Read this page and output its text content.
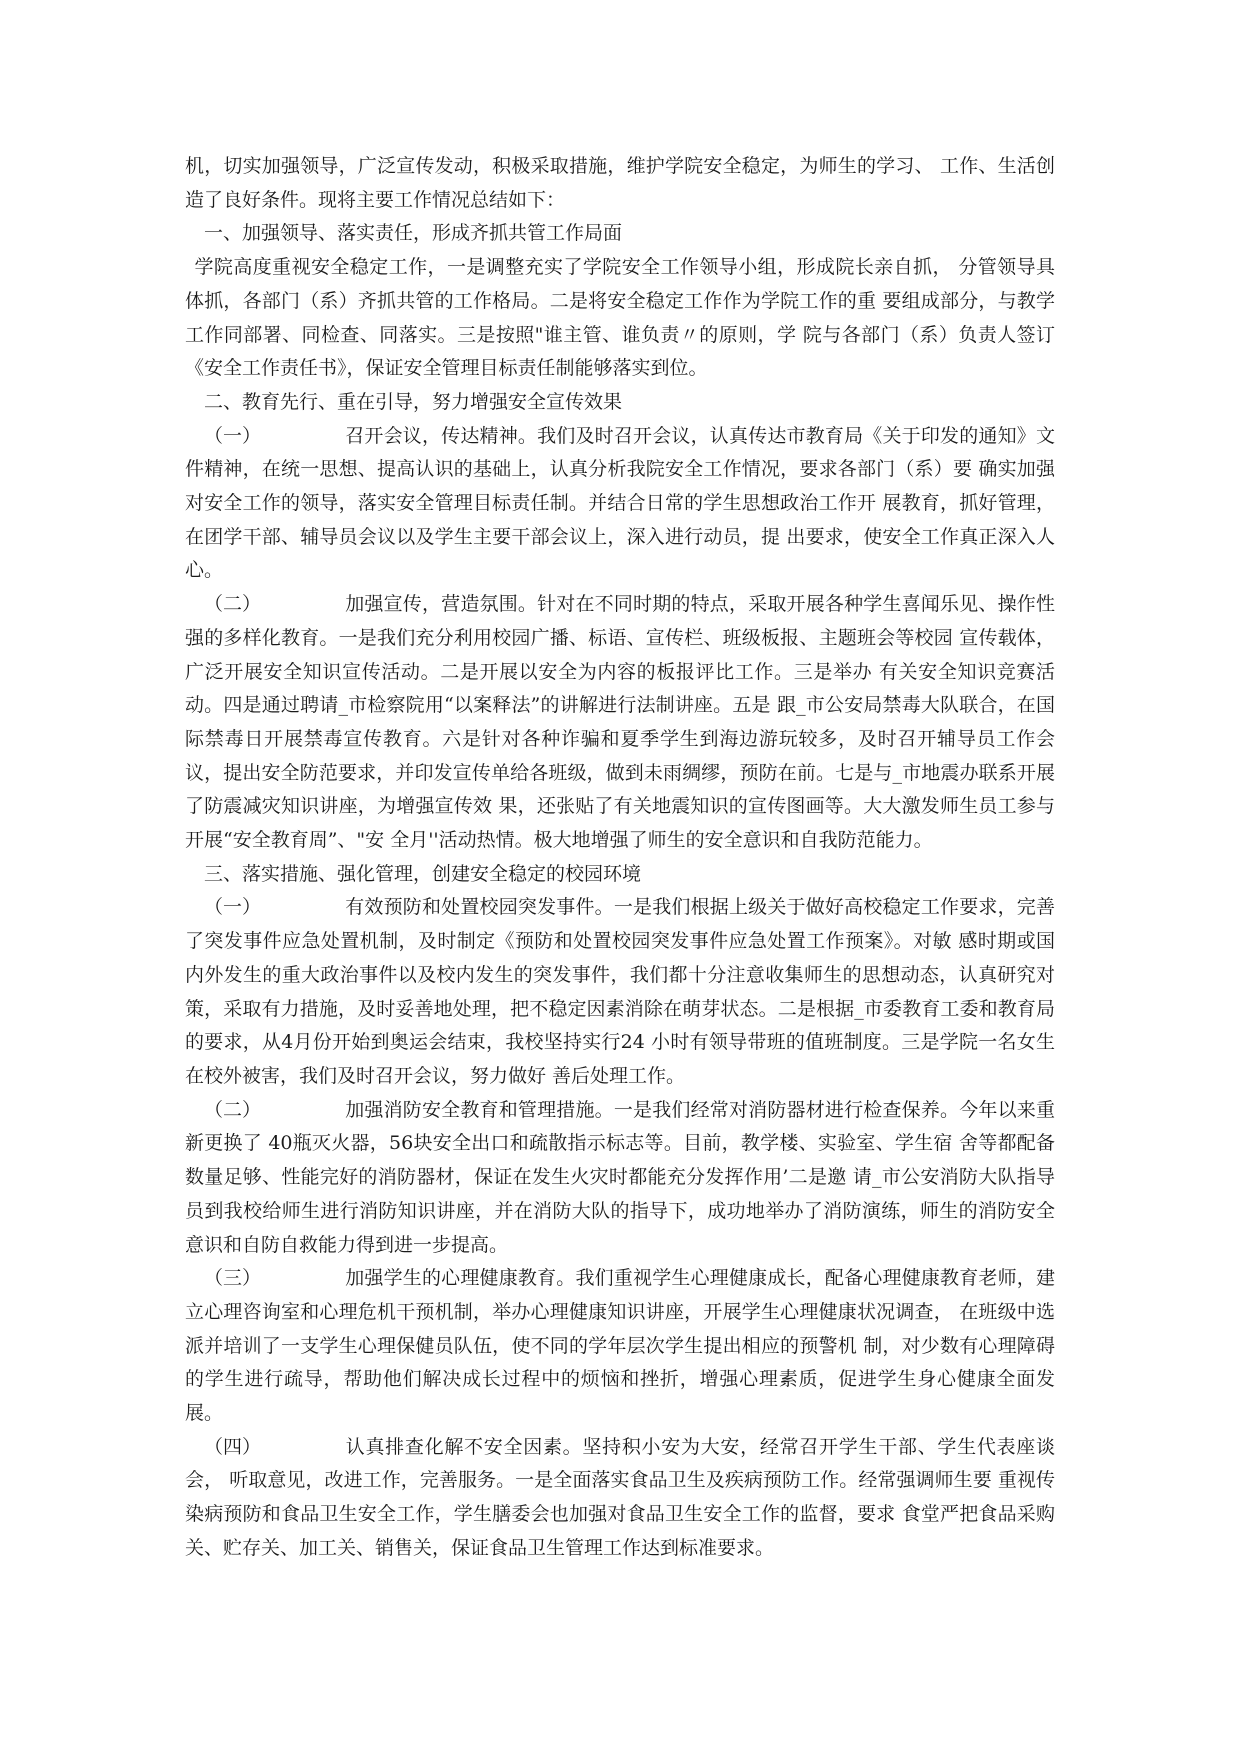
机，切实加强领导，广泛宣传发动，积极采取措施，维护学院安全稳定，为师生的学习、 工作、生活创造了良好条件。现将主要工作情况总结如下：

一、加强领导、落实责任，形成齐抓共管工作局面

学院高度重视安全稳定工作，一是调整充实了学院安全工作领导小组，形成院长亲自抓， 分管领导具体抓，各部门（系）齐抓共管的工作格局。二是将安全稳定工作作为学院工作的重 要组成部分，与教学工作同部署、同检查、同落实。三是按照"谁主管、谁负责〃的原则，学 院与各部门（系）负责人签订《安全工作责任书》，保证安全管理目标责任制能够落实到位。

二、教育先行、重在引导，努力增强安全宣传效果

（一）	召开会议，传达精神。我们及时召开会议，认真传达市教育局《关于印发的通知》文 件精神，在统一思想、提高认识的基础上，认真分析我院安全工作情况，要求各部门（系）要 确实加强对安全工作的领导，落实安全管理目标责任制。并结合日常的学生思想政治工作开 展教育，抓好管理，在团学干部、辅导员会议以及学生主要干部会议上，深入进行动员，提 出要求，使安全工作真正深入人心。

（二）	加强宣传，营造氛围。针对在不同时期的特点，采取开展各种学生喜闻乐见、操作性 强的多样化教育。一是我们充分利用校园广播、标语、宣传栏、班级板报、主题班会等校园 宣传载体，广泛开展安全知识宣传活动。二是开展以安全为内容的板报评比工作。三是举办 有关安全知识竞赛活动。四是通过聘请_市检察院用“以案释法”的讲解进行法制讲座。五是 跟_市公安局禁毒大队联合，在国际禁毒日开展禁毒宣传教育。六是针对各种诈骗和夏季学生到海边游玩较多，及时召开辅导员工作会议，提出安全防范要求，并印发宣传单给各班级，做到未雨绸缪，预防在前。七是与_市地震办联系开展了防震减灾知识讲座，为增强宣传效 果，还张贴了有关地震知识的宣传图画等。大大激发师生员工参与开展“安全教育周”、"安 全月''活动热情。极大地增强了师生的安全意识和自我防范能力。

三、落实措施、强化管理，创建安全稳定的校园环境

（一）	有效预防和处置校园突发事件。一是我们根据上级关于做好高校稳定工作要求，完善 了突发事件应急处置机制，及时制定《预防和处置校园突发事件应急处置工作预案》。对敏 感时期或国内外发生的重大政治事件以及校内发生的突发事件，我们都十分注意收集师生的思想动态，认真研究对策，采取有力措施，及时妥善地处理，把不稳定因素消除在萌芽状态。二是根据_市委教育工委和教育局的要求，从4月份开始到奥运会结束，我校坚持实行24 小时有领导带班的值班制度。三是学院一名女生在校外被害，我们及时召开会议，努力做好 善后处理工作。

（二）	加强消防安全教育和管理措施。一是我们经常对消防器材进行检查保养。今年以来重 新更换了 40瓶灭火器，56块安全出口和疏散指示标志等。目前，教学楼、实验室、学生宿 舍等都配备数量足够、性能完好的消防器材，保证在发生火灾时都能充分发挥作用’二是邀 请_市公安消防大队指导员到我校给师生进行消防知识讲座，并在消防大队的指导下，成功地举办了消防演练，师生的消防安全意识和自防自救能力得到进一步提高。

（三）	加强学生的心理健康教育。我们重视学生心理健康成长，配备心理健康教育老师，建 立心理咨询室和心理危机干预机制，举办心理健康知识讲座，开展学生心理健康状况调查， 在班级中选派并培训了一支学生心理保健员队伍，使不同的学年层次学生提出相应的预警机 制，对少数有心理障碍的学生进行疏导，帮助他们解决成长过程中的烦恼和挫折，增强心理素质，促进学生身心健康全面发展。

（四）	认真排查化解不安全因素。坚持积小安为大安，经常召开学生干部、学生代表座谈会， 听取意见，改进工作，完善服务。一是全面落实食品卫生及疾病预防工作。经常强调师生要 重视传染病预防和食品卫生安全工作，学生膳委会也加强对食品卫生安全工作的监督，要求 食堂严把食品采购关、贮存关、加工关、销售关，保证食品卫生管理工作达到标准要求。
